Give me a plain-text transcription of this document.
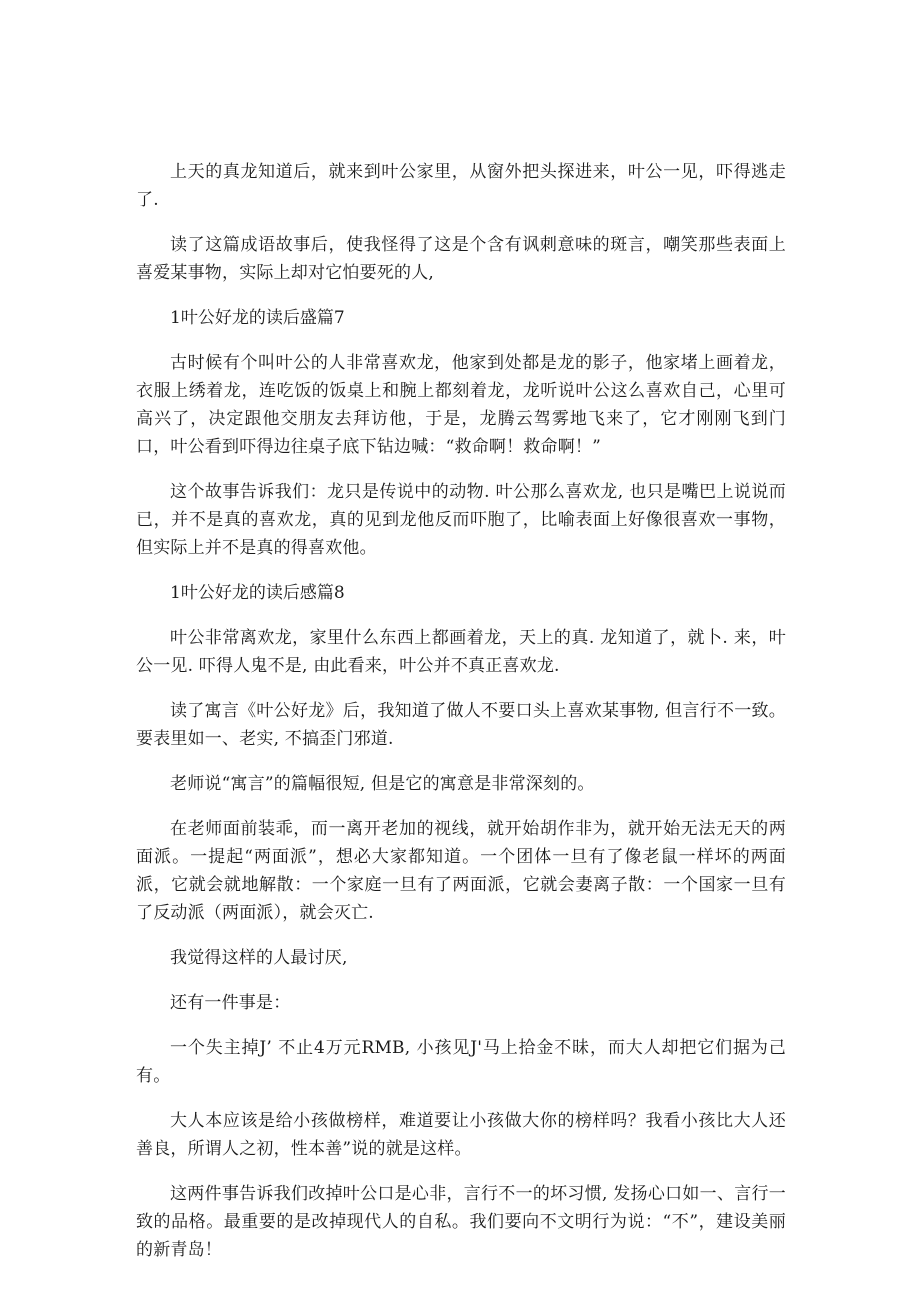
上天的真龙知道后，就来到叶公家里，从窗外把头探进来，叶公一见，吓得逃走了.

读了这篇成语故事后，使我怪得了这是个含有讽刺意味的斑言，嘲笑那些表面上喜爱某事物，实际上却对它怕要死的人,

1叶公好龙的读后盛篇7

古时候有个叫叶公的人非常喜欢龙，他家到处都是龙的影子，他家堵上画着龙，衣服上绣着龙，连吃饭的饭桌上和腕上都刻着龙，龙听说叶公这么喜欢自己，心里可高兴了，决定跟他交朋友去拜访他，于是，龙腾云驾雾地飞来了，它才刚刚飞到门口，叶公看到吓得边往桌子底下钻边喊：“救命啊！救命啊！”

这个故事告诉我们：龙只是传说中的动物. 叶公那么喜欢龙, 也只是嘴巴上说说而已，并不是真的喜欢龙，真的见到龙他反而吓胞了，比喻表面上好像很喜欢一事物，但实际上并不是真的得喜欢他。

1叶公好龙的读后感篇8

叶公非常离欢龙，家里什么东西上都画着龙，天上的真. 龙知道了，就卜. 来，叶公一见. 吓得人鬼不是, 由此看来，叶公并不真正喜欢龙.

读了寓言《叶公好龙》后，我知道了做人不要口头上喜欢某事物, 但言行不一致。要表里如一、老实, 不搞歪门邪道.

老师说“寓言”的篇幅很短, 但是它的寓意是非常深刻的。

在老师面前装乖，而一离开老加的视线，就开始胡作非为，就开始无法无天的两面派。一提起“两面派”，想必大家都知道。一个团体一旦有了像老鼠一样坏的两面派，它就会就地解散：一个家庭一旦有了两面派，它就会妻离子散：一个国家一旦有了反动派（两面派），就会灭亡.

我觉得这样的人最讨厌,

还有一件事是：

一个失主掉J’ 不止4万元RMB, 小孩见J'马上拾金不昧，而大人却把它们据为己有。

大人本应该是给小孩做榜样，难道要让小孩做大你的榜样吗？我看小孩比大人还善良，所谓人之初，性本善”说的就是这样。

这两件事告诉我们改掉叶公口是心非，言行不一的坏习惯, 发扬心口如一、言行一致的品格。最重要的是改掉现代人的自私。我们要向不文明行为说：“不”，建设美丽的新青岛！
